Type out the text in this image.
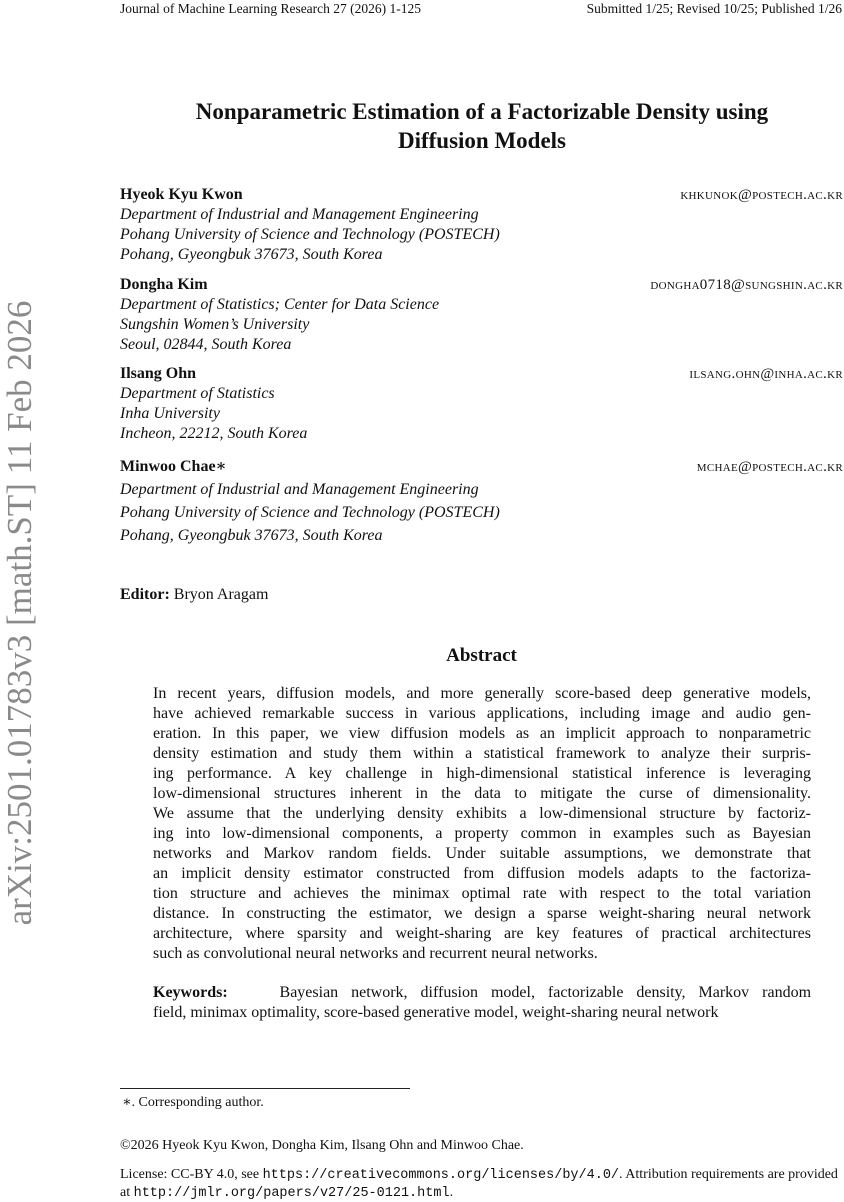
Journal of Machine Learning Research 27 (2026) 1-125	Submitted 1/25; Revised 10/25; Published 1/26
arXiv:2501.01783v3 [math.ST] 11 Feb 2026
Nonparametric Estimation of a Factorizable Density using
Diffusion Models
Hyeok Kyu Kwon	khkunok@postech.ac.kr
Department of Industrial and Management Engineering
Pohang University of Science and Technology (POSTECH)
Pohang, Gyeongbuk 37673, South Korea
Dongha Kim	dongha0718@sungshin.ac.kr
Department of Statistics; Center for Data Science
Sungshin Women’s University
Seoul, 02844, South Korea
Ilsang Ohn	ilsang.ohn@inha.ac.kr
Department of Statistics
Inha University
Incheon, 22212, South Korea
Minwoo Chae∗	mchae@postech.ac.kr
Department of Industrial and Management Engineering
Pohang University of Science and Technology (POSTECH)
Pohang, Gyeongbuk 37673, South Korea
Editor: Bryon Aragam
Abstract
In recent years, diffusion models, and more generally score-based deep generative models,
have achieved remarkable success in various applications, including image and audio gen-
eration. In this paper, we view diffusion models as an implicit approach to nonparametric
density estimation and study them within a statistical framework to analyze their surpris-
ing performance. A key challenge in high-dimensional statistical inference is leveraging
low-dimensional structures inherent in the data to mitigate the curse of dimensionality.
We assume that the underlying density exhibits a low-dimensional structure by factoriz-
ing into low-dimensional components, a property common in examples such as Bayesian
networks and Markov random fields. Under suitable assumptions, we demonstrate that
an implicit density estimator constructed from diffusion models adapts to the factoriza-
tion structure and achieves the minimax optimal rate with respect to the total variation
distance. In constructing the estimator, we design a sparse weight-sharing neural network
architecture, where sparsity and weight-sharing are key features of practical architectures
such as convolutional neural networks and recurrent neural networks.
Keywords:	Bayesian network, diffusion model, factorizable density, Markov random
field, minimax optimality, score-based generative model, weight-sharing neural network
∗. Corresponding author.
©2026 Hyeok Kyu Kwon, Dongha Kim, Ilsang Ohn and Minwoo Chae.
License: CC-BY 4.0, see https://creativecommons.org/licenses/by/4.0/. Attribution requirements are provided at http://jmlr.org/papers/v27/25-0121.html.
